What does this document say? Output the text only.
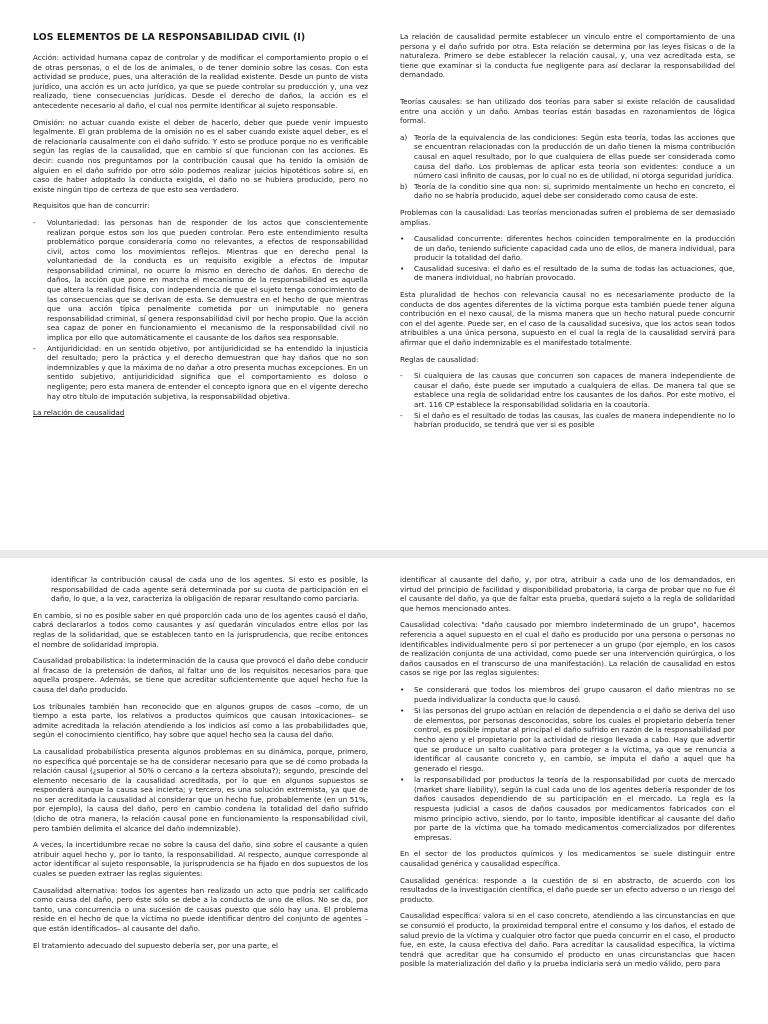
LOS ELEMENTOS DE LA RESPONSABILIDAD CIVIL (I)

Acción: actividad humana capaz de controlar y de modificar el comportamiento propio o el de otras personas, o el de los de animales, o de tener dominio sobre las cosas. Con esta actividad se produce, pues, una alteración de la realidad existente. Desde un punto de vista jurídico, una acción es un acto jurídico, ya que se puede controlar su producción y, una vez realizado, tiene consecuencias jurídicas. Desde el derecho de daños, la acción es el antecedente necesario al daño, el cual nos permite identificar al sujeto responsable.

Omisión: no actuar cuando existe el deber de hacerlo, deber que puede venir impuesto legalmente. El gran problema de la omisión no es el saber cuando existe aquel deber, es el de relacionarla causalmente con el daño sufrido. Y esto se produce porque no es verificable según las reglas de la causalidad, que en cambio sí que funcionan con las acciones. Es decir: cuando nos preguntamos por la contribución causal que ha tenido la omisión de alguien en el daño sufrido por otro sólo podemos realizar juicios hipotéticos sobre si, en caso de haber adoptado la conducta exigida, el daño no se hubiera producido, pero no existe ningún tipo de certeza de que esto sea verdadero.

Requisitos que han de concurrir:

-	Voluntariedad: las personas han de responder de los actos que conscientemente realizan porque estos son los que pueden controlar. Pero este entendimiento resulta problemático porque consideraría como no relevantes, a efectos de responsabilidad civil, actos como los movimientos reflejos. Mientras que en derecho penal la voluntariedad de la conducta es un requisito exigible a efectos de imputar responsabilidad criminal, no ocurre lo mismo en derecho de daños. En derecho de daños, la acción que pone en marcha el mecanismo de la responsabilidad es aquella que altera la realidad física, con independencia de que el sujeto tenga conocimiento de las consecuencias que se derivan de esta. Se demuestra en el hecho de que mientras que una acción típica penalmente cometida por un inimputable no genera responsabilidad criminal, sí genera responsabilidad civil por hecho propio. Que la acción sea capaz de poner en funcionamiento el mecanismo de la responsabilidad civil no implica por ello que automáticamente el causante de los daños sea responsable.
-	Antijuridicidad: en un sentido objetivo, por antijuridicidad se ha entendido la injusticia del resultado; pero la práctica y el derecho demuestran que hay daños que no son indemnizables y que la máxima de no dañar a otro presenta muchas excepciones. En un sentido subjetivo, antijuridicidad significa que el comportamiento es doloso o negligente; pero esta manera de entender el concepto ignora que en el vigente derecho hay otro título de imputación subjetiva, la responsabilidad objetiva.

La relación de causalidad

La relación de causalidad permite establecer un vínculo entre el comportamiento de una persona y el daño sufrido por otra. Esta relación se determina por las leyes físicas o de la naturaleza. Primero se debe establecer la relación causal, y, una vez acreditada esta, se tiene que examinar si la conducta fue negligente para así declarar la responsabilidad del demandado.

Teorías causales: se han utilizado dos teorías para saber si existe relación de causalidad entre una acción y un daño. Ambas teorías están basadas en razonamientos de lógica formal.

a) Teoría de la equivalencia de las condiciones: Según esta teoría, todas las acciones que se encuentran relacionadas con la producción de un daño tienen la misma contribución causal en aquel resultado, por lo que cualquiera de ellas puede ser considerada como causa del daño. Los problemas de aplicar esta teoría son evidentes: conduce a un número casi infinito de causas, por lo cual no es de utilidad, ni otorga seguridad jurídica.
b) Teoría de la conditio sine qua non: si, suprimido mentalmente un hecho en concreto, el daño no se habría producido, aquel debe ser considerado como causa de este.

Problemas con la causalidad: Las teorías mencionadas sufren el problema de ser demasiado amplias.

•	Causalidad concurrente: diferentes hechos coinciden temporalmente en la producción de un daño, teniendo suficiente capacidad cada uno de ellos, de manera individual, para producir la totalidad del daño.
•	Causalidad sucesiva: el daño es el resultado de la suma de todas las actuaciones, que, de manera individual, no habrían provocado.

Esta pluralidad de hechos con relevancia causal no es necesariamente producto de la conducta de dos agentes diferentes de la víctima porque esta también puede tener alguna contribución en el nexo causal, de la misma manera que un hecho natural puede concurrir con el del agente. Puede ser, en el caso de la causalidad sucesiva, que los actos sean todos atribuibles a una única persona, supuesto en el cual la regla de la causalidad servirá para afirmar que el daño indemnizable es el manifestado totalmente.

Reglas de causalidad:

-	Si cualquiera de las causas que concurren son capaces de manera independiente de causar el daño, éste puede ser imputado a cualquiera de ellas. De manera tal que se establece una regla de solidaridad entre los causantes de los daños. Por este motivo, el art. 116 CP establece la responsabilidad solidaria en la coautoría.
-	Si el daño es el resultado de todas las causas, las cuales de manera independiente no lo habrían producido, se tendrá que ver si es posible

identificar la contribución causal de cada uno de los agentes. Si esto es posible, la responsabilidad de cada agente será determinada por su cuota de participación en el daño, lo que, a la vez, caracteriza la obligación de reparar resultando como parciaria.

En cambio, si no es posible saber en qué proporción cada uno de los agentes causó el daño, cabrá declararlos a todos como causantes y así quedarán vinculados entre ellos por las reglas de la solidaridad, que se establecen tanto en la jurisprudencia, que recibe entonces el nombre de solidaridad impropia.

Causalidad probabilística: la indeterminación de la causa que provocó el daño debe conducir al fracaso de la pretensión de daños, al faltar uno de los requisitos necesarios para que aquella prospere. Además, se tiene que acreditar suficientemente que aquel hecho fue la causa del daño producido.

Los tribunales también han reconocido que en algunos grupos de casos –como, de un tiempo a esta parte, los relativos a productos químicos que causan intoxicaciones– se admite acreditada la relación atendiendo a los indicios así como a las probabilidades que, según el conocimiento científico, hay sobre que aquel hecho sea la causa del daño.

La causalidad probabilística presenta algunos problemas en su dinámica, porque, primero, no especifica qué porcentaje se ha de considerar necesario para que se dé como probada la relación causal (¿superior al 50% o cercano a la certeza absoluta?); segundo, prescinde del elemento necesario de la causalidad acreditada, por lo que en algunos supuestos se responderá aunque la causa sea incierta; y tercero, es una solución extremista, ya que de no ser acreditada la causalidad al considerar que un hecho fue, probablemente (en un 51%, por ejemplo), la causa del daño, pero en cambio condena la totalidad del daño sufrido (dicho de otra manera, la relación causal pone en funcionamiento la responsabilidad civil, pero también delimita el alcance del daño indemnizable).

A veces, la incertidumbre recae no sobre la causa del daño, sino sobre el causante a quien atribuir aquel hecho y, por lo tanto, la responsabilidad. Al respecto, aunque corresponde al actor identificar al sujeto responsable, la jurisprudencia se ha fijado en dos supuestos de los cuales se pueden extraer las reglas siguientes:

Causalidad alternativa: todos los agentes han realizado un acto que podría ser calificado como causa del daño, pero éste sólo se debe a la conducta de uno de ellos. No se da, por tanto, una concurrencia o una sucesión de causas puesto que sólo hay una. El problema reside en el hecho de que la víctima no puede identificar dentro del conjunto de agentes –que están identificados– al causante del daño.

El tratamiento adecuado del supuesto debería ser, por una parte, el

identificar al causante del daño, y, por otra, atribuir a cada uno de los demandados, en virtud del principio de facilidad y disponibilidad probatoria, la carga de probar que no fue él el causante del daño, ya que de faltar esta prueba, quedará sujeto a la regla de solidaridad que hemos mencionado antes.

Causalidad colectiva: "daño causado por miembro indeterminado de un grupo", hacemos referencia a aquel supuesto en el cual el daño es producido por una persona o personas no identificables individualmente pero sí por pertenecer a un grupo (por ejemplo, en los casos de realización conjunta de una actividad, como puede ser una intervención quirúrgica, o los daños causados en el transcurso de una manifestación). La relación de causalidad en estos casos se rige por las reglas siguientes:

•	Se considerará que todos los miembros del grupo causaron el daño mientras no se pueda individualizar la conducta que lo causó.
•	Si las personas del grupo actúan en relación de dependencia o el daño se deriva del uso de elementos, por personas desconocidas, sobre los cuales el propietario debería tener control, es posible imputar al principal el daño sufrido en razón de la responsabilidad por hecho ajeno y el propietario por la actividad de riesgo llevada a cabo. Hay que advertir que se produce un salto cualitativo para proteger a la víctima, ya que se renuncia a identificar al causante concreto y, en cambio, se imputa el daño a aquel que ha generado el riesgo.
•	la responsabilidad por productos la teoría de la responsabilidad por cuota de mercado (market share liability), según la cual cada uno de los agentes debería responder de los daños causados dependiendo de su participación en el mercado. La regla es la respuesta judicial a casos de daños causados por medicamentos fabricados con el mismo principio activo, siendo, por lo tanto, imposible identificar al causante del daño por parte de la víctima que ha tomado medicamentos comercializados por diferentes empresas.

En el sector de los productos químicos y los medicamentos se suele distinguir entre causalidad genérica y causalidad específica.

Causalidad genérica: responde a la cuestión de si en abstracto, de acuerdo con los resultados de la investigación científica, el daño puede ser un efecto adverso o un riesgo del producto.

Causalidad específica: valora si en el caso concreto, atendiendo a las circunstancias en que se consumió el producto, la proximidad temporal entre el consumo y los daños, el estado de salud previo de la víctima y cualquier otro factor que pueda concurrir en el caso, el producto fue, en este, la causa efectiva del daño. Para acreditar la causalidad específica, la víctima tendrá que acreditar que ha consumido el producto en unas circunstancias que hacen posible la materialización del daño y la prueba indiciaria será un medio válido, pero para
